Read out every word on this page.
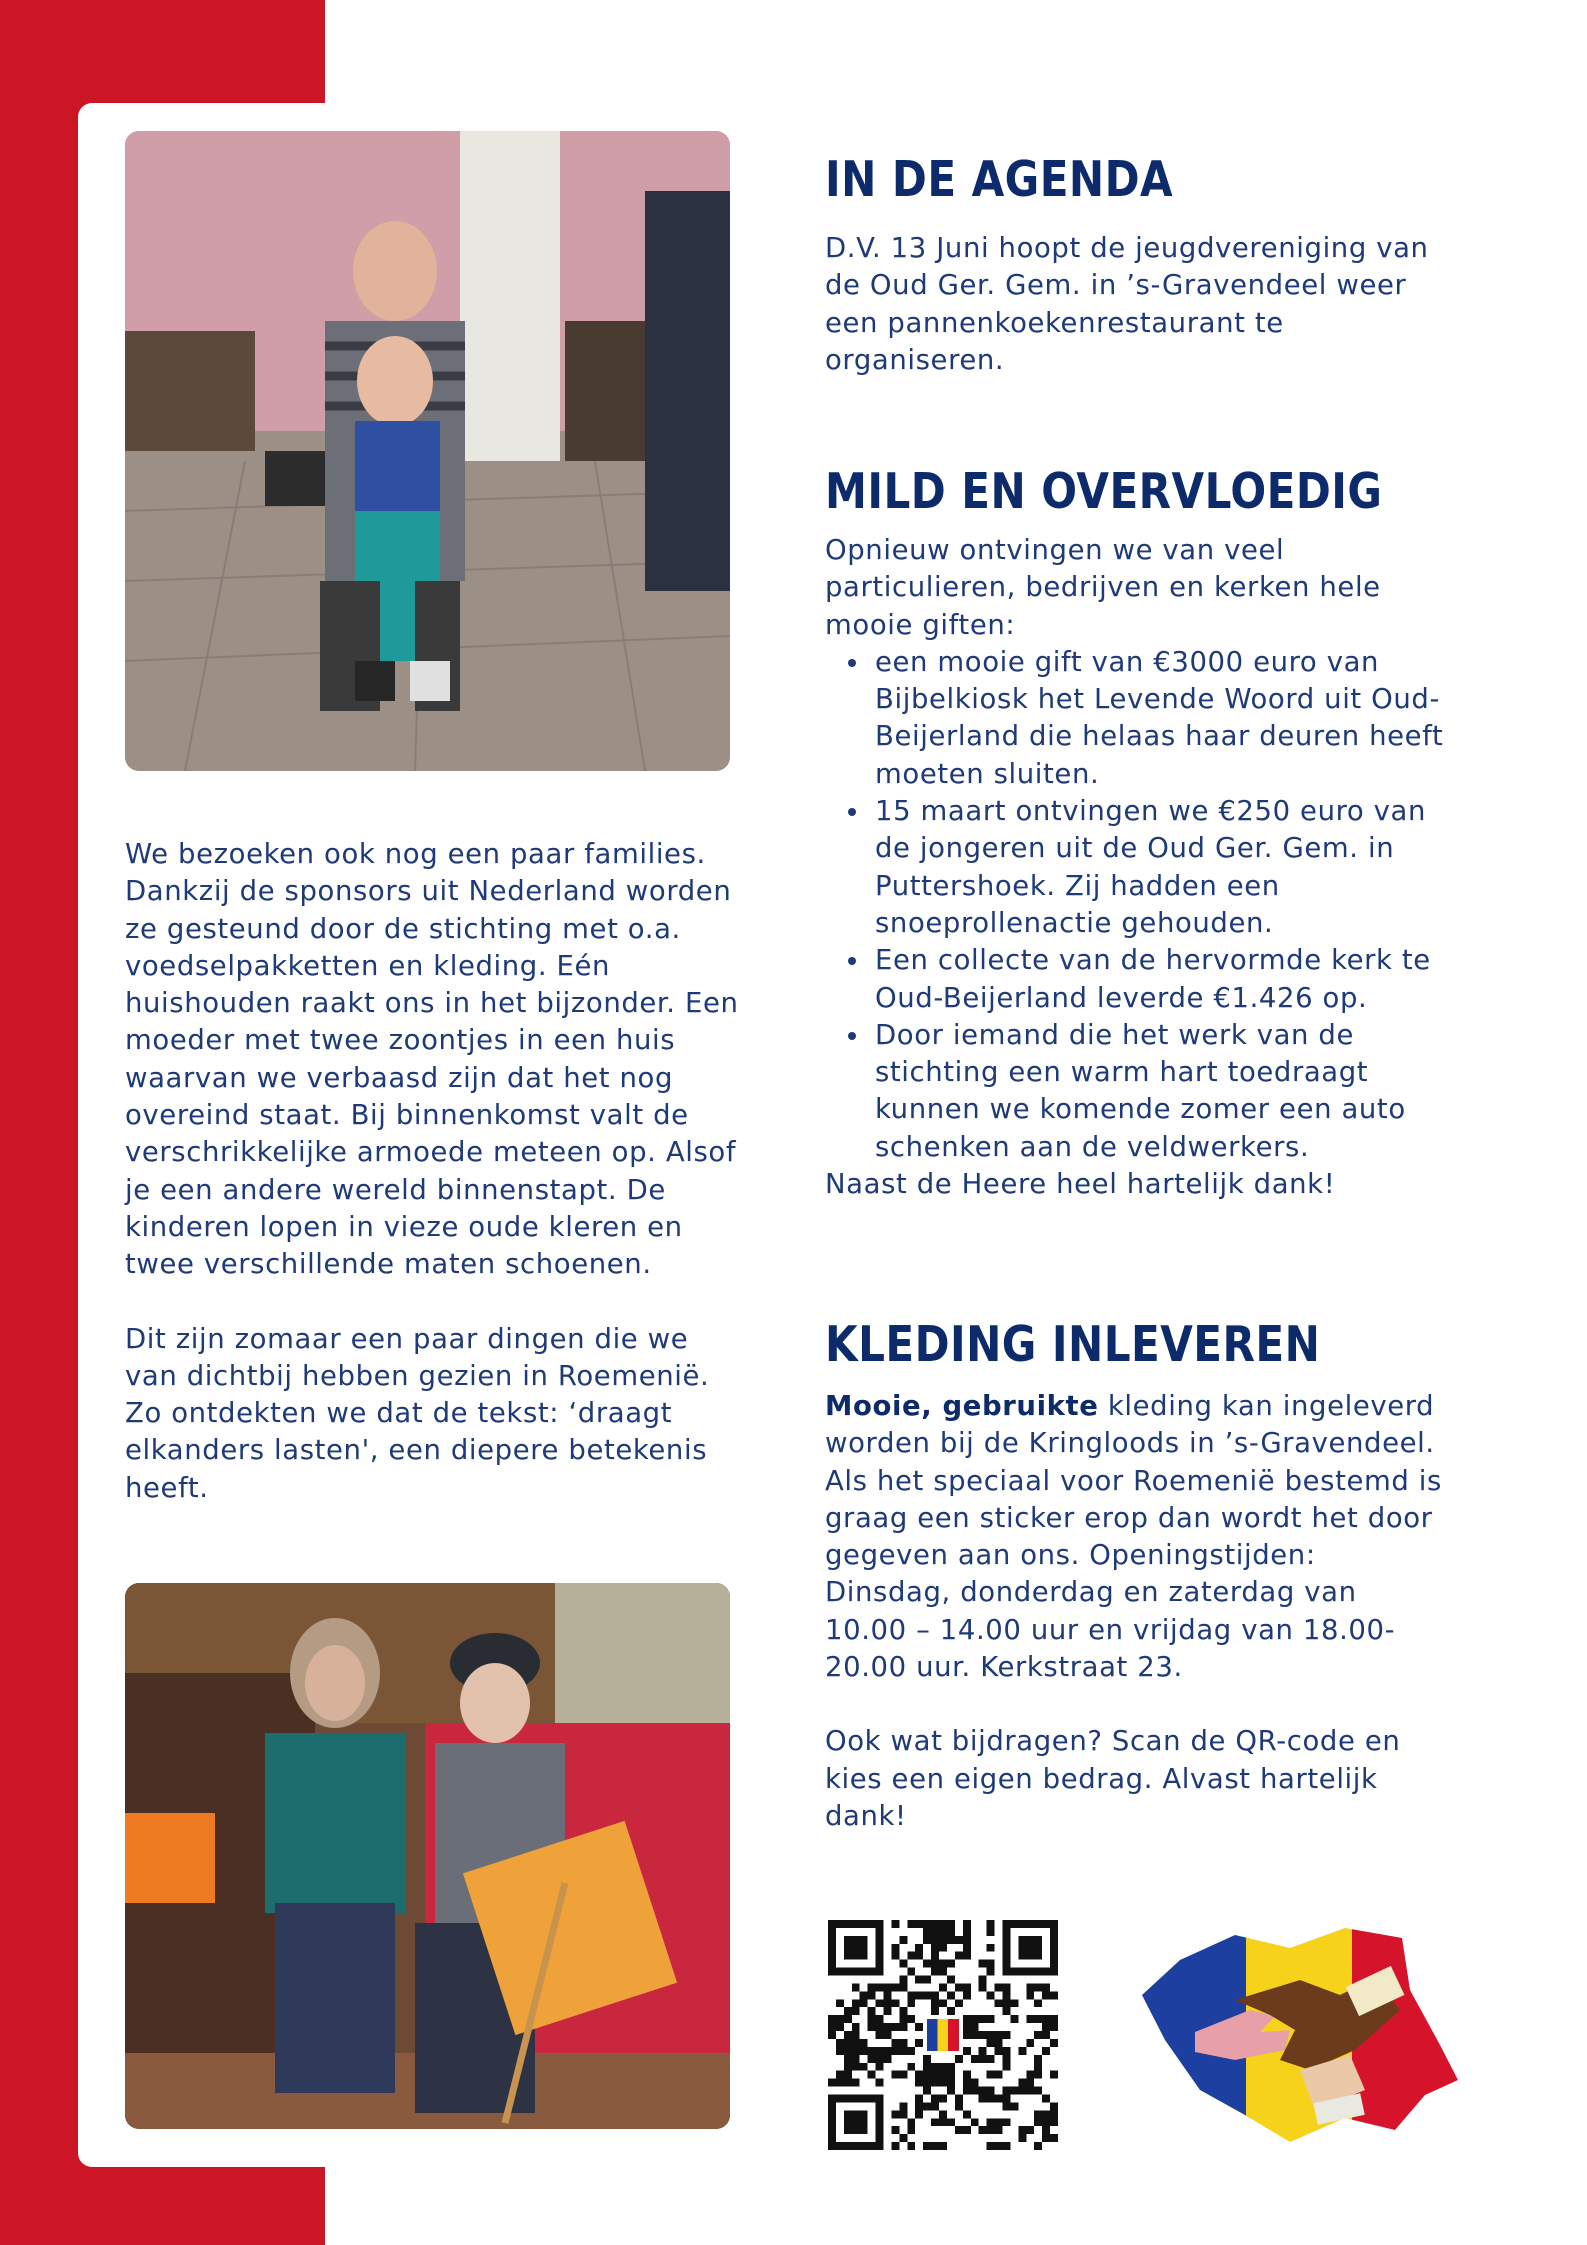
We bezoeken ook nog een paar families. Dankzij de sponsors uit Nederland worden ze gesteund door de stichting met o.a. voedselpakketten en kleding. Eén huishouden raakt ons in het bijzonder. Een moeder met twee zoontjes in een huis waarvan we verbaasd zijn dat het nog overeind staat. Bij binnenkomst valt de verschrikkelijke armoede meteen op. Alsof je een andere wereld binnenstapt. De kinderen lopen in vieze oude kleren en twee verschillende maten schoenen.

Dit zijn zomaar een paar dingen die we van dichtbij hebben gezien in Roemenië. Zo ontdekten we dat de tekst: ‘draagt elkanders lasten', een diepere betekenis heeft.

IN DE AGENDA
D.V. 13 Juni hoopt de jeugdvereniging van de Oud Ger. Gem. in ’s-Gravendeel weer een pannenkoekenrestaurant te organiseren.
MILD EN OVERVLOEDIG
Opnieuw ontvingen we van veel particulieren, bedrijven en kerken hele mooie giften:
een mooie gift van €3000 euro van Bijbelkiosk het Levende Woord uit Oud-Beijerland die helaas haar deuren heeft moeten sluiten.
15 maart ontvingen we €250 euro van de jongeren uit de Oud Ger. Gem. in Puttershoek. Zij hadden een snoeprollenactie gehouden.
Een collecte van de hervormde kerk te Oud-Beijerland leverde €1.426 op.
Door iemand die het werk van de stichting een warm hart toedraagt kunnen we komende zomer een auto schenken aan de veldwerkers.
Naast de Heere heel hartelijk dank!
KLEDING INLEVEREN

Mooie, gebruikte kleding kan ingeleverd worden bij de Kringloods in ’s-Gravendeel. Als het speciaal voor Roemenië bestemd is graag een sticker erop dan wordt het door gegeven aan ons. Openingstijden: Dinsdag, donderdag en zaterdag van 10.00 – 14.00 uur en vrijdag van 18.00-20.00 uur. Kerkstraat 23.

Ook wat bijdragen? Scan de QR-code en kies een eigen bedrag. Alvast hartelijk dank!
